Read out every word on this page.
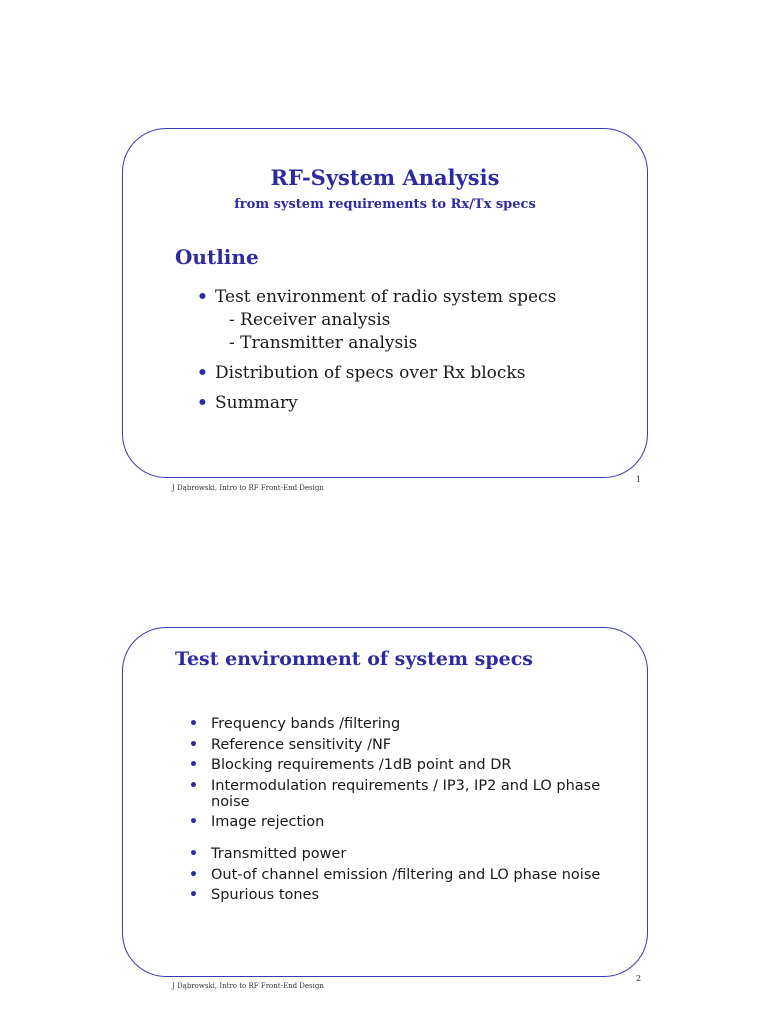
RF-System Analysis
from system requirements to Rx/Tx specs
Outline
• Test environment of radio system specs
- Receiver analysis
- Transmitter analysis
• Distribution of specs over Rx blocks
• Summary
J Dąbrowski, Intro to RF Front-End Design
1
Test environment of system specs
• Frequency bands /filtering
• Reference sensitivity /NF
• Blocking requirements /1dB point and DR
• Intermodulation requirements / IP3, IP2 and LO phase noise
• Image rejection
• Transmitted power
• Out-of channel emission /filtering and LO phase noise
• Spurious tones
J Dąbrowski, Intro to RF Front-End Design
2
